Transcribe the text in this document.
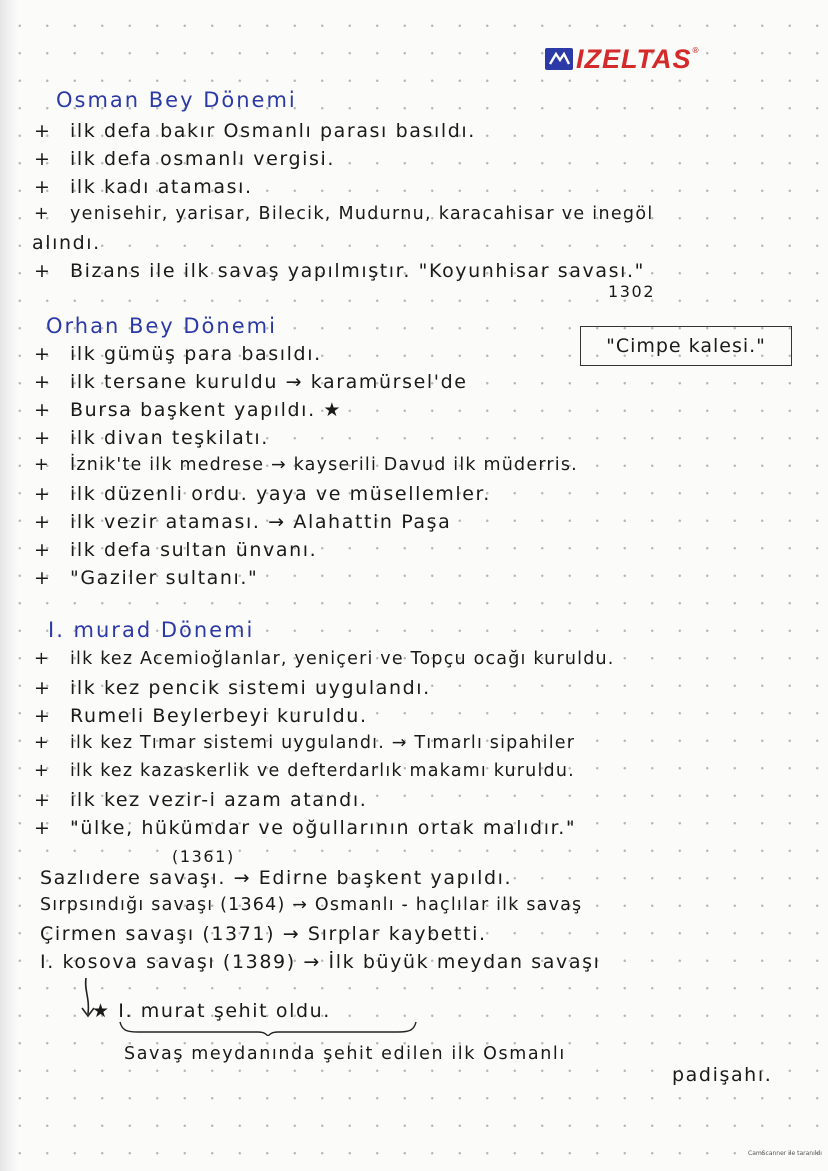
IZELTAS ®
Osman Bey Dönemi
+ ilk defa bakır Osmanlı parası basıldı.
+ ilk defa osmanlı vergisi.
+ ilk kadı ataması.
+ yenisehir, yarisar, Bilecik, Mudurnu, karacahisar ve inegöl
alındı.
+ Bizans ile ilk savaş yapılmıştır. "Koyunhisar savası."
1302
Orhan Bey Dönemi
"Cimpe kalesi."
+ ilk gümüş para basıldı.
+ ilk tersane kuruldu → karamürsel'de
+ Bursa başkent yapıldı. ★
+ ilk divan teşkilatı.
+ İznik'te ilk medrese → kayserili Davud ilk müderris.
+ ilk düzenli ordu. yaya ve müsellemler.
+ ilk vezir ataması. → Alahattin Paşa
+ ilk defa sultan ünvanı.
+ "Gaziler sultanı."
I. murad Dönemi
+ ilk kez Acemioğlanlar, yeniçeri ve Topçu ocağı kuruldu.
+ ilk kez pencik sistemi uygulandı.
+ Rumeli Beylerbeyi kuruldu.
+ ilk kez Tımar sistemi uygulandı. → Tımarlı sipahiler
+ ilk kez kazaskerlik ve defterdarlık makamı kuruldu.
+ ilk kez vezir-i azam atandı.
+ "ülke, hükümdar ve oğullarının ortak malıdır."
(1361)
Sazlıdere savaşı. → Edirne başkent yapıldı.
Sırpsındığı savaşı (1364) → Osmanlı - haçlılar ilk savaş
Çirmen savaşı (1371) → Sırplar kaybetti.
I. kosova savaşı (1389) → İlk büyük meydan savaşı
★ I. murat şehit oldu.
Savaş meydanında şehit edilen ilk Osmanlı
padişahı.
CamScanner ile taranıldı
